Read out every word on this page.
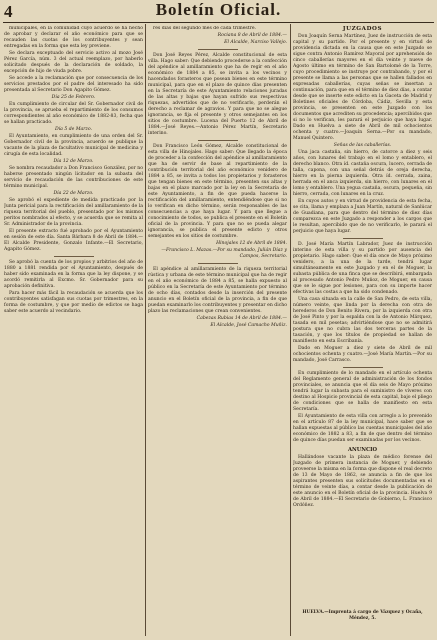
4	Boletín Oficial.

municipales, en la comunidad cuyo acuerdo se ha hecho de aprobar y declarar el año económico para que se recauden las cuotas de los contribuyentes y sean entregadas en la forma que esta ley previene.

Se declara exceptuado del servicio activo al mozo José Pérez García, núm. 3 del actual reemplazo, por haberlo solicitado después de la declaración de soldado, la excepción de hijo de viuda pobre.

Se accede a la reclamación que por consecuencia de los servicios prestados por el padre del interesado ha sido presentada al Secretario Don Agapito Gómez.

Día 25 de Febrero.

En cumplimiento de circular del Sr. Gobernador civil de la provincia, se aprueba el repartimiento de los consumos correspondientes al año económico de 1882-83, fecha que se hallan practicado.

Día 5 de Marzo.

El Ayuntamiento, en cumplimiento de una orden del Sr. Gobernador civil de la provincia, acuerdo se publique la vacante de la plaza de facultativo municipal de medicina y cirugía de esta localidad.

Día 12 de Marzo.

Se nombra recaudador a Don Francisco González, por no haberse presentado ningún licitador en la subasta del servicio de recaudación de las contribuciones de este término municipal.

Día 22 de Marzo.

Se aprobó el expediente de medida practicado por la Junta pericial para la rectificación del amillaramiento de la riqueza territorial del pueblo, presentado por los mismos peritos nombrados al efecto, y se acuerda que se remita al Sr. Administrador de la provincia.

El presente extracto fué aprobado por el Ayuntamiento en sesión de este día. Santa Bárbara 8 de Abril de 1884.—El Alcalde Presidente, Gonzalo Infante.—El Secretario, Agapito Gómez.

Se aprobó la cuenta de los propios y arbitrios del año de 1880 a 1881 rendida por el Ayuntamiento, después de haber sido examinada en la forma que la ley dispone, y se acordó remitirla al Excmo. Sr. Gobernador para su aprobación definitiva.

Para hacer más fácil la recaudación se acuerda que los contribuyentes satisfagan sus cuotas por trimestres, en la forma de costumbre, y que por medio de edictos se haga saber este acuerdo al vecindario.

res días del segundo mes de cada trimestre.

Rociana 8 de Abril de 1884.—

El Alcalde, Narciso Vallejo.

Don José Reyes Pérez, Alcalde constitucional de esta villa. Hago saber: Que debiendo procederse a la confección del apéndice al amillaramiento que ha de regir en el año económico de 1884 a 85, se invita a los vecinos y hacendados forasteros que posean bienes en este término municipal, para que en el plazo de quince días presenten en la Secretaría de este Ayuntamiento relaciones juradas de las altas y bajas que hayan sufrido sus respectivas riquezas, advertidos que de no verificarlo, perderán el derecho a reclamar de agravios. Y para que no se alegue ignorancia, se fija el presente y otros semejantes en los sitios de costumbre. Lucena del Puerto 12 de Abril de 1884.—José Reyes.—Antonio Pérez Martín, Secretario interino.

Don Francisco León Gómez, Alcalde constitucional de esta villa de Hinojales. Hago saber: Que llegado la época de proceder a la confección del apéndice al amillaramiento que ha de servir de base al repartimiento de la contribución territorial del año económico venidero de 1884 a 85, se invita a todos los propietarios y forasteros que tengan bienes en este término, presenten sus altas y bajas en el plazo marcado por la ley en la Secretaría de este Ayuntamiento, a fin de que pueda hacerse la rectificación del amillaramiento, entendiéndose que si no lo verifican en dicho término, serán responsables de las consecuencias a que haya lugar. Y para que llegue a conocimiento de todos, se publica el presente en el Boletín oficial de la provincia. Y para que no se pueda alegar ignorancia, se publica el presente edicto y otros semejantes en los sitios de costumbre.

Hinojales 12 de Abril de 1884.

—Francisco L. Mazas.—Por su mandado, Julián Díaz y Campos, Secretario.

El apéndice al amillaramiento de la riqueza territorial rústica y urbana de este término municipal que ha de regir en el año económico de 1884 a 85, se halla expuesto al público en la Secretaría de este Ayuntamiento por término de ocho días, contados desde la inserción del presente anuncio en el Boletín oficial de la provincia, a fin de que puedan examinarlo los contribuyentes y presentar en dicho plazo las reclamaciones que crean convenientes.

Cabezas Rubias 14 de Abril de 1884.—

El Alcalde, José Camacho Muñiz.

JUZGADOS

Don Joaquín Serna Martínez, Juez de instrucción de esta capital y su partido. Por el presente y en virtud de providencia dictada en la causa que en este Juzgado se sigue contra Antonio Ramírez Mayoral por aprehensión de cinco caballerías mayores en el día veinte y nueve de Agosto último en término de San Bartolomé de la Torre, cuyo procedimiento se instruye por contrabando, y por el presente se llama a las personas que se hallen fallados en expresadas caballerías, cuyas señas se insertan a continuación, para que en el término de diez días, a contar desde que se inserte este edicto en la Gaceta de Madrid y Boletines oficiales de Córdoba, Cádiz, Sevilla y esta provincia, se presenten en este Juzgado con los documentos que acrediten su procedencia; apercibidos que si no lo verifican, les parará el perjuicio que haya lugar. Dado en Huelva a siete de Abril de mil ochocientos ochenta y cuatro.—Joaquín Serna.—Por su mandado, Manuel Quintero.

Señas de las caballerías.

Una jaca castaña, sin hierro, de catorce a diez y seis años, con lunares del trabajo en el lomo y entablero, el derecho blanco. Otra íd. castaña oscura, lucero, cerrada de talla, capona, con una señal detrás de oreja derecha, hierro en la pierna izquierda. Otra íd. cerrada, zaina, herrada en el anca izquierda, sin hierro, con lunares en el lomo y entablero. Una yegua castaña, oscura, pequeña, sin hierro, cerrada, con lunares en la cruz.

En cuyos autos y en virtud de providencia de esta fecha, se cita, llama y emplaza a Juan Martín, natural de Sanlúcar de Guadiana, para que dentro del término de diez días comparezca en este Juzgado a responder a los cargos que le resultan, apercibido que de no verificarlo, le parará el perjuicio que haya lugar.

D. José María Martín Labrador, Juez de instrucción interino de esta villa y su partido por ausencia del propietario. Hago saber: Que el día once de Mayo próximo venidero, a la una de la tarde, tendrá lugar simultáneamente en este Juzgado y en el de Moguer, la subasta pública de una finca que se describirá, embargada al procesado Antonio Pedro Muñoz, de Moguer, en causa que se le sigue por lesiones, para con su importe hacer efectivas las costas a que ha sido condenado.

Una casa situada en la calle de San Pedro, de esta villa, número veinte, que linda por la derecha con otra de herederos de Don Benito Rivera, por la izquierda con otra de José Pinto y por la espalda con la de Antonio Márquez, tasada en mil pesetas; advirtiéndose que no se admitirá postura que no cubra las dos terceras partes de la tasación, y que los títulos de propiedad se hallan de manifiesto en esta Escribanía.

Dado en Moguer a diez y siete de Abril de mil ochocientos ochenta y cuatro.—José María Martín.—Por su mandado, José Carrasco.

En cumplimiento de lo mandado en el artículo ochenta del Reglamento general de administración de los fondos provinciales, se anuncia que el día seis de Mayo próximo tendrá lugar la subasta para el suministro de víveres con destino al Hospicio provincial de esta capital, bajo el pliego de condiciones que se halla de manifiesto en esta Secretaría.

El Ayuntamiento de esta villa con arreglo a lo prevenido en el artículo 87 de la ley municipal, hace saber que se hallan expuestas al público las cuentas municipales del año económico de 1882 a 83, a fin de que dentro del término de quince días puedan ser examinadas por los vecinos.

ANUNCIO

Hallándose vacante la plaza de médico forense del Juzgado de primera instancia de Moguer, y debiendo proveerse la misma en la forma que dispone el real decreto de 13 de Mayo de 1862, se anuncia a fin de que los aspirantes presenten sus solicitudes documentadas en el término de veinte días, a contar desde la publicación de este anuncio en el Boletín oficial de la provincia. Huelva 9 de Abril de 1884.—El Secretario de Gobierno, L. Francisco Ordóñez.

HUELVA.—Imprenta á cargo de Vázquez y Ocaña, Méndez, 5.
